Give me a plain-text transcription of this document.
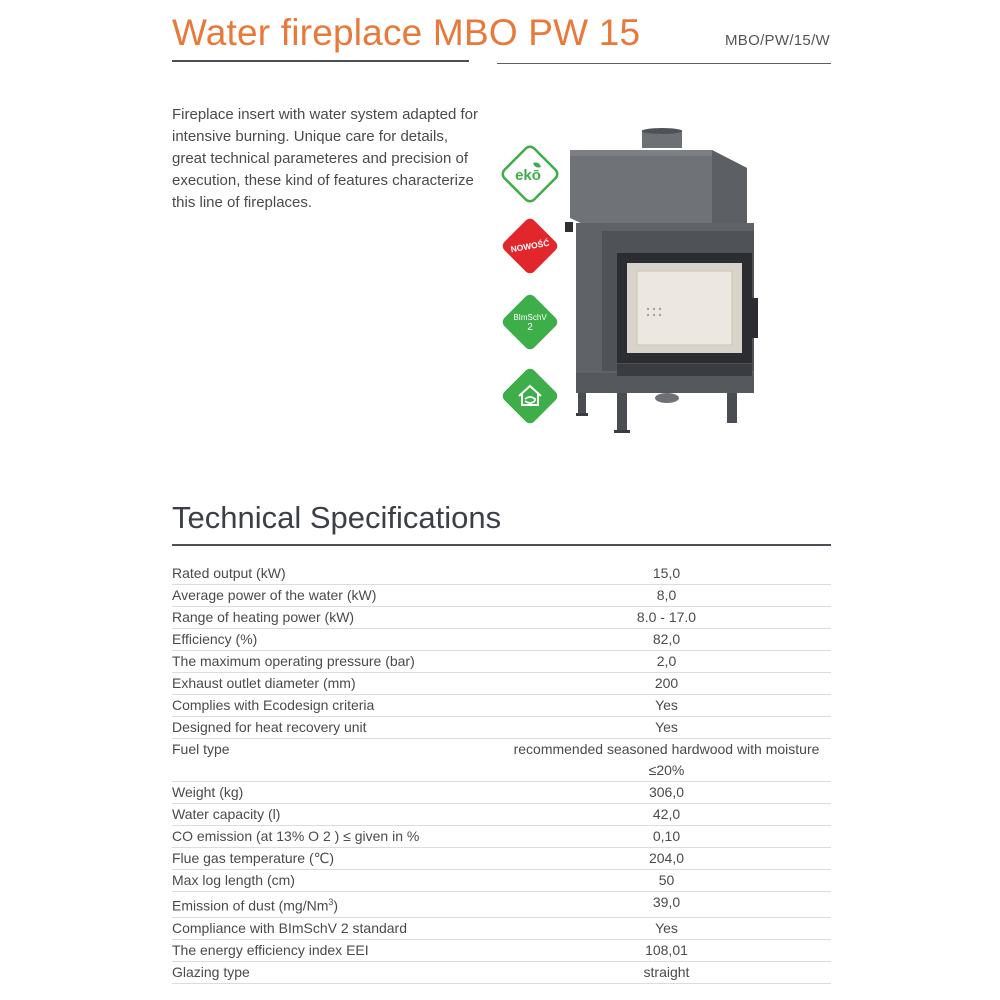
Water fireplace MBO PW 15	MBO/PW/15/W

Fireplace insert with water system adapted for intensive burning. Unique care for details, great technical parameteres and precision of execution, these kind of features characterize this line of fireplaces.

ekō
NOWOŚĆ
BImSchV
2
Technical Specifications
Rated output (kW)	15,0
Average power of the water (kW)	8,0
Range of heating power (kW)	8.0 - 17.0
Efficiency (%)	82,0
The maximum operating pressure (bar)	2,0
Exhaust outlet diameter (mm)	200
Complies with Ecodesign criteria	Yes
Designed for heat recovery unit	Yes
Fuel type	recommended seasoned hardwood with moisture
≤20%

Weight (kg)	306,0
Water capacity (l)	42,0
CO emission (at 13% O 2 ) ≤ given in %	0,10
Flue gas temperature (℃)	204,0
Max log length (cm)	50
Emission of dust (mg/Nm$^3$)	39,0
Compliance with BImSchV 2 standard	Yes
The energy efficiency index EEI	108,01
Glazing type	straight
